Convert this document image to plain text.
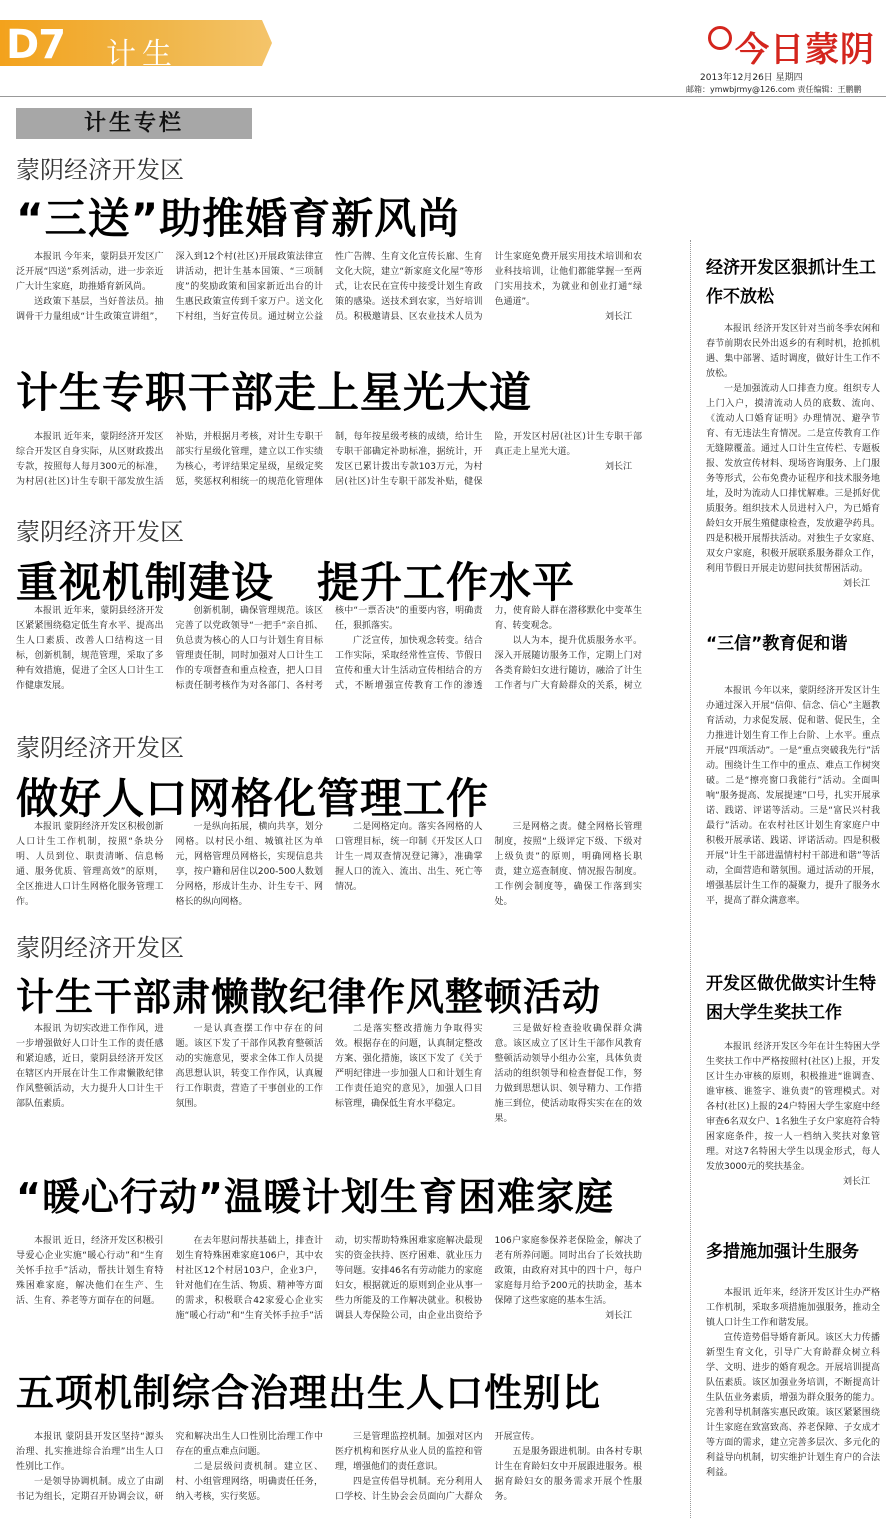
D7 计生	今日蒙阴
2013年12月26日 星期四
邮箱：ymwbjrmy@126.com 责任编辑：王鹏鹏
计生专栏
蒙阴经济开发区
“三送”助推婚育新风尚

本报讯 今年来，蒙阴县开发区广泛开展“四送”系列活动，进一步亲近广大计生家庭，助推婚育新风尚。

送政策下基层，当好普法员。抽调骨干力量组成“计生政策宣讲组”，深入到12个村(社区)开展政策法律宣讲活动，把计生基本国策、“三项制度”的奖励政策和国家新近出台的计生惠民政策宣传到千家万户。送文化下村组，当好宣传员。通过树立公益性广告牌、生育文化宣传长廊、生育文化大院，建立“新家庭文化屋”等形式，让农民在宣传中接受计划生育政策的感染。送技术到农家，当好培训员。积极邀请县、区农业技术人员为计生家庭免费开展实用技术培训和农业科技培训，让他们都能掌握一至两门实用技术，为就业和创业打通“绿色通道”。

刘长江
计生专职干部走上星光大道

本报讯 近年来，蒙阴经济开发区综合开发区自身实际，从区财政拨出专款，按照每人每月300元的标准，为村居(社区)计生专职干部发放生活补贴，并根据月考核，对计生专职干部实行星级化管理，建立以工作实绩为核心，考评结果定星级，星级定奖惩，奖惩权利相统一的规范化管理体制，每年按星级考核的成绩，给计生专职干部确定补助标准，据统计，开发区已累计拨出专款103万元，为村居(社区)计生专职干部发补贴，健保险，开发区村居(社区)计生专职干部真正走上星光大道。

刘长江
蒙阴经济开发区
重视机制建设　提升工作水平

本报讯 近年来，蒙阴县经济开发区紧紧围绕稳定低生育水平、提高出生人口素质、改善人口结构这一目标，创新机制，规范管理，采取了多种有效措施，促进了全区人口计生工作健康发展。

创新机制，确保管理规范。该区完善了以党政领导“一把手”亲自抓、负总责为核心的人口与计划生育目标管理责任制，同时加强对人口计生工作的专项督查和重点检查，把人口目标责任制考核作为对各部门、各村考核中“一票否决”的重要内容，明确责任，狠抓落实。

广泛宣传，加快观念转变。结合工作实际，采取经常性宣传、节假日宣传和重大计生活动宣传相结合的方式，不断增强宣传教育工作的渗透力，使育龄人群在潜移默化中变革生育、转变观念。

以人为本，提升优质服务水平。深入开展随访服务工作，定期上门对各类育龄妇女进行随访，融洽了计生工作者与广大育龄群众的关系，树立

蒙阴经济开发区
做好人口网格化管理工作

本报讯 蒙阴经济开发区积极创新人口计生工作机制，按照“条块分明、人员到位、职责清晰、信息畅通、服务优质、管理高效”的原则，全区推进人口计生网格化服务管理工作。

一是纵向拓展，横向共享，划分网格。以村民小组、城镇社区为单元，网格管理员网格长，实现信息共享，按户籍和居住以200-500人数划分网格，形成计生办、计生专干、网格长的纵向网格。

二是网格定向。落实各网格的人口管理目标，统一印制《开发区人口计生一周双查情况登记簿》，准确掌握人口的流入、流出、出生、死亡等情况。

三是网格之责。健全网格长管理制度，按照“上级评定下级、下级对上级负责”的原则，明确网格长职责，建立巡查制度、情况报告制度。工作例会制度等，确保工作落到实处。

蒙阴经济开发区
计生干部肃懒散纪律作风整顿活动

本报讯 为切实改进工作作风，进一步增强做好人口计生工作的责任感和紧迫感，近日，蒙阴县经济开发区在辖区内开展在计生工作肃懒散纪律作风整顿活动，大力提升人口计生干部队伍素质。

一是认真查摆工作中存在的问题。该区下发了干部作风教育整顿活动的实施意见，要求全体工作人员提高思想认识，转变工作作风，认真履行工作职责，营造了干事创业的工作氛围。

二是落实整改措施力争取得实效。根据存在的问题，认真制定整改方案、强化措施，该区下发了《关于严明纪律进一步加强人口和计划生育工作责任追究的意见》，加强人口目标管理，确保低生育水平稳定。

三是做好检查验收确保群众满意。该区成立了区计生干部作风教育整顿活动领导小组办公室，具体负责活动的组织领导和检查督促工作，努力做到思想认识、领导精力、工作措施三到位，使活动取得实实在在的效果。

“暖心行动”温暖计划生育困难家庭

本报讯 近日，经济开发区积极引导爱心企业实施“暖心行动”和“生育关怀手拉手”活动，帮扶计划生育特殊困难家庭，解决他们在生产、生活、生育、养老等方面存在的问题。

在去年慰问帮扶基础上，排查计划生育特殊困难家庭106户，其中农村社区12个村居103户，企业3户，针对他们在生活、物质、精神等方面的需求，积极联合42家爱心企业实施“暖心行动”和“生育关怀手拉手”活动，切实帮助特殊困难家庭解决最现实的资金扶持、医疗困难、就业压力等问题。安排46名有劳动能力的家庭妇女，根据就近的原则到企业从事一些力所能及的工作解决就业。积极协调县人寿保险公司，由企业出资给予106户家庭参保养老保险金，解决了老有所养问题。同时出台了长效扶助政策，由政府对其中的四十户，每户家庭每月给予200元的扶助金，基本保障了这些家庭的基本生活。

刘长江
五项机制综合治理出生人口性别比

本报讯 蒙阴县开发区坚持“源头治理、扎实推进综合治理”出生人口性别比工作。

一是领导协调机制。成立了由副书记为组长，定期召开协调会议，研究和解决出生人口性别比治理工作中存在的重点难点问题。

二是层级问责机制。建立区、村、小组管理网络，明确责任任务，纳入考核，实行奖惩。

三是管理监控机制。加强对区内医疗机构和医疗从业人员的监控和管理，增强他们的责任意识。

四是宣传倡导机制。充分利用人口学校、计生协会会员面向广大群众开展宣传。

五是服务跟进机制。由各村专职计生在育龄妇女中开展跟进服务。根据育龄妇女的服务需求开展个性服务。

经济开发区狠抓计生工作不放松

本报讯 经济开发区针对当前冬季农闲和春节前期农民外出返乡的有利时机，抢抓机遇、集中部署、适时调度，做好计生工作不放松。

一是加强流动人口排查力度。组织专人上门入户，摸清流动人员的底数、流向、《流动人口婚育证明》办理情况、避孕节育、有无违法生育情况。二是宣传教育工作无缝隙覆盖。通过人口计生宣传栏、专题板报、发放宣传材料、现场咨询服务、上门服务等形式，公布免费办证程序和技术服务地址，及时为流动人口排忧解难。三是抓好优质服务。组织技术人员进村入户，为已婚育龄妇女开展生殖健康检查，发放避孕药具。四是积极开展帮扶活动。对独生子女家庭、双女户家庭，积极开展联系服务群众工作，利用节假日开展走访慰问扶贫帮困活动。

刘长江
“三信”教育促和谐

本报讯 今年以来，蒙阴经济开发区计生办通过深入开展“信仰、信念、信心”主题教育活动，力求促发展、促和谐、促民生，全力推进计划生育工作上台阶、上水平。重点开展“四项活动”。一是“重点突破我先行”活动。围绕计生工作中的重点、难点工作树突破。二是“擦亮窗口我能行”活动。全面叫响“服务提高、发展提速”口号，扎实开展承诺、践诺、评诺等活动。三是“富民兴村我最行”活动。在农村社区计划生育家庭户中积极开展承诺、践诺、评诺活动。四是积极开展“计生干部进温情村村干部进和谐”等活动，全面营造和谐氛围。通过活动的开展，增强基层计生工作的凝聚力，提升了服务水平，提高了群众满意率。

开发区做优做实计生特困大学生奖扶工作

本报讯 经济开发区今年在计生特困大学生奖扶工作中严格按照村(社区)上报，开发区计生办审核的原则，积极推进“谁调查、谁审核、谁签字、谁负责”的管理模式。对各村(社区)上报的24户特困大学生家庭中经审查6名双女户、1名独生子女户家庭符合特困家庭条件，按一人一档纳入奖扶对象管理。对这7名特困大学生以现金形式，每人发放3000元的奖扶基金。

刘长江
多措施加强计生服务

本报讯 近年来，经济开发区计生办严格工作机制，采取多项措施加强服务，推动全镇人口计生工作和谐发展。

宣传造势倡导婚育新风。该区大力传播新型生育文化，引导广大育龄群众树立科学、文明、进步的婚育观念。开展培训提高队伍素质。该区加强业务培训，不断提高计生队伍业务素质，增强为群众服务的能力。完善利导机制落实惠民政策。该区紧紧围绕计生家庭在致富致高、养老保障、子女成才等方面的需求，建立完善多层次、多元化的利益导向机制，切实维护计划生育户的合法利益。
